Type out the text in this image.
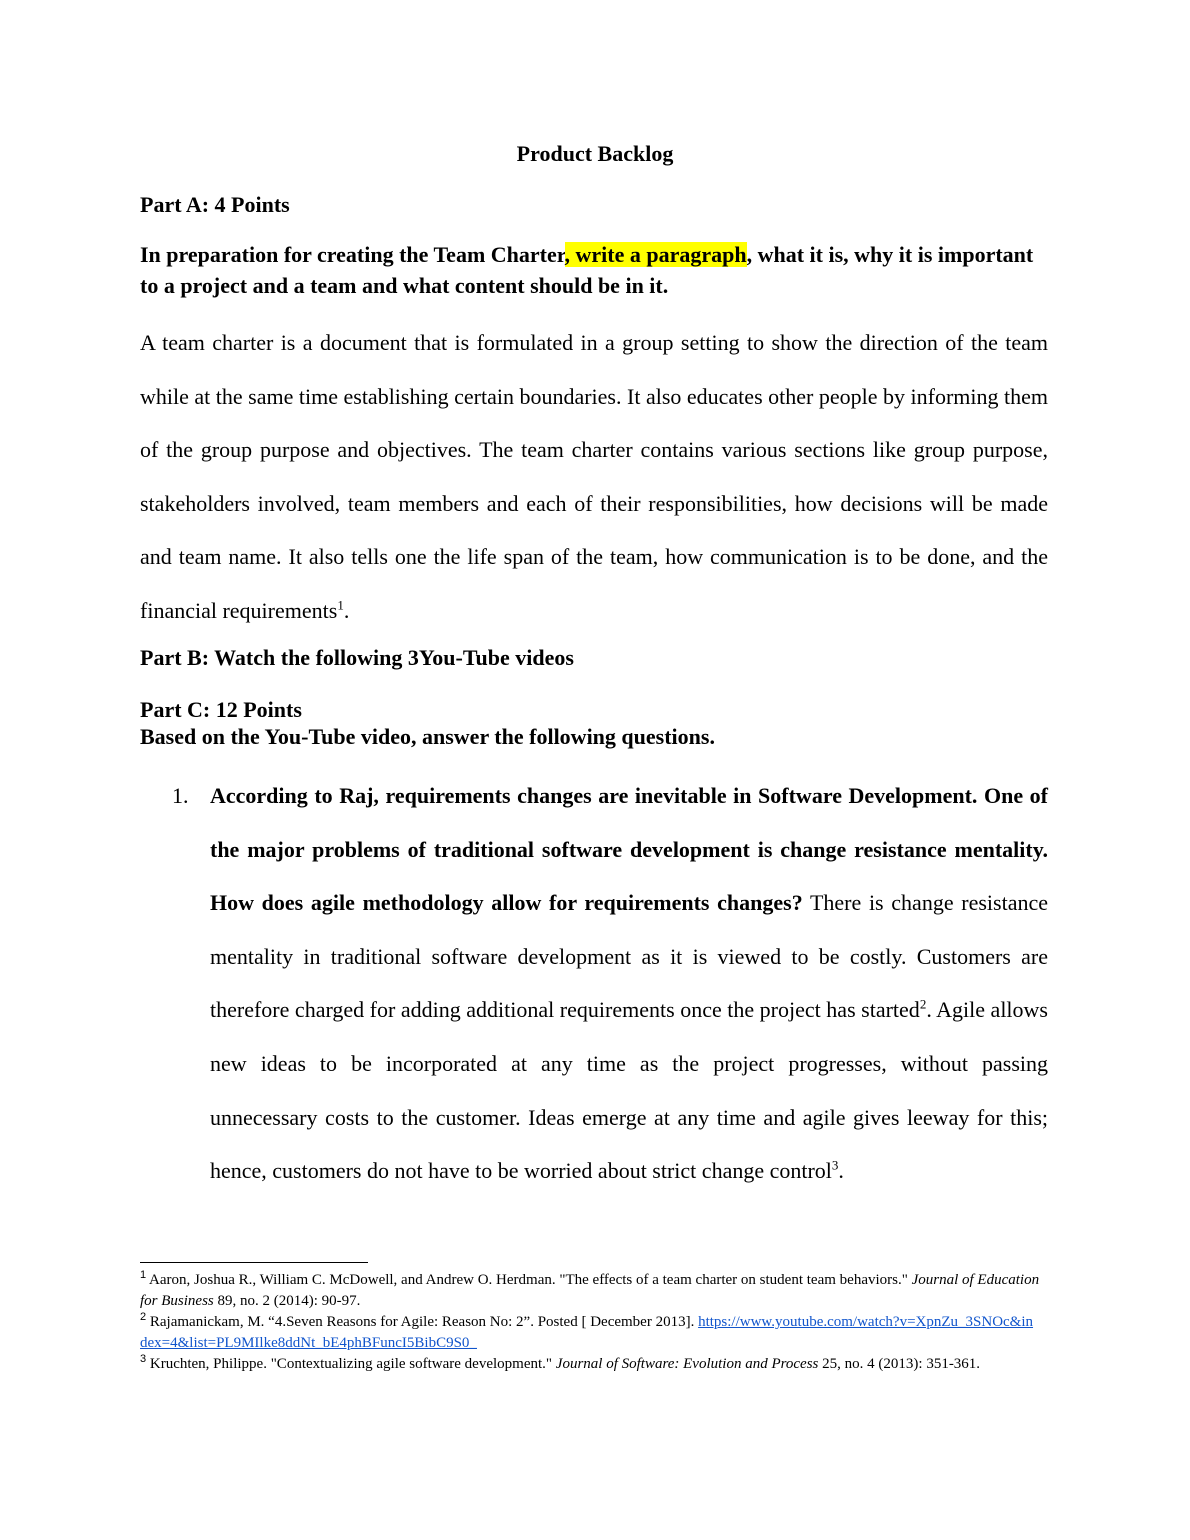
Product Backlog

Part A: 4 Points

In preparation for creating the Team Charter, write a paragraph, what it is, why it is important to a project and a team and what content should be in it.

A team charter is a document that is formulated in a group setting to show the direction of the team while at the same time establishing certain boundaries. It also educates other people by informing them of the group purpose and objectives. The team charter contains various sections like group purpose, stakeholders involved, team members and each of their responsibilities, how decisions will be made and team name. It also tells one the life span of the team, how communication is to be done, and the financial requirements$^1$.

Part B: Watch the following 3You-Tube videos

Part C: 12 Points
Based on the You-Tube video, answer the following questions.
1. According to Raj, requirements changes are inevitable in Software Development. One of the major problems of traditional software development is change resistance mentality. How does agile methodology allow for requirements changes? There is change resistance mentality in traditional software development as it is viewed to be costly. Customers are therefore charged for adding additional requirements once the project has started$^2$. Agile allows new ideas to be incorporated at any time as the project progresses, without passing unnecessary costs to the customer. Ideas emerge at any time and agile gives leeway for this; hence, customers do not have to be worried about strict change control$^3$.

$^1$ Aaron, Joshua R., William C. McDowell, and Andrew O. Herdman. "The effects of a team charter on student team behaviors." Journal of Education for Business 89, no. 2 (2014): 90-97.

$^2$ Rajamanickam, M. “4.Seven Reasons for Agile: Reason No: 2”. Posted [ December 2013]. https://www.youtube.com/watch?v=XpnZu_3SNOc&index=4&list=PL9MIlke8ddNt_bE4phBFuncI5BibC9S0_

$^3$ Kruchten, Philippe. "Contextualizing agile software development." Journal of Software: Evolution and Process 25, no. 4 (2013): 351-361.
